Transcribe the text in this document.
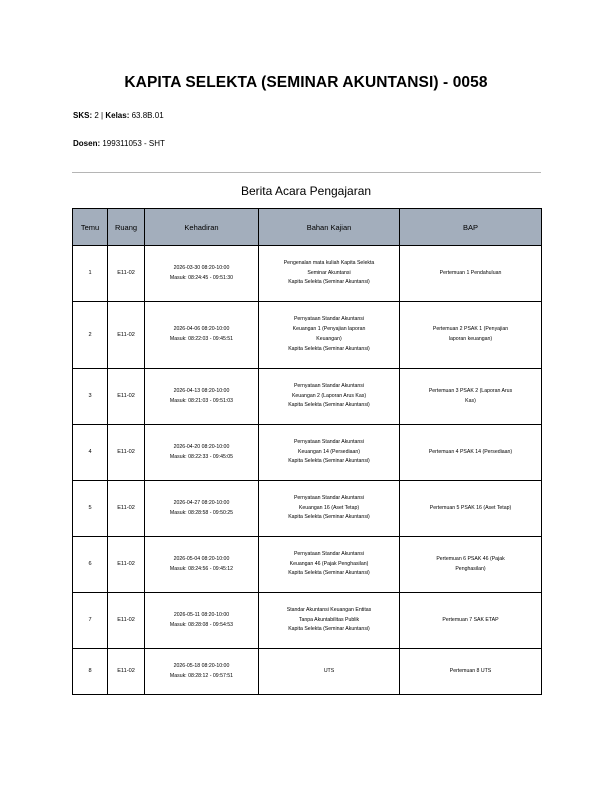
KAPITA SELEKTA (SEMINAR AKUNTANSI) - 0058
SKS: 2 | Kelas: 63.8B.01
Dosen: 199311053 - SHT
Berita Acara Pengajaran
Temu	Ruang	Kehadiran	Bahan Kajian	BAP
1	E11-02	2026-03-30 08:20-10:00
Masuk: 08:24:45 - 09:51:30	Pengenalan mata kuliah Kapita Selekta
Seminar Akuntansi
Kapita Selekta (Seminar Akuntansi)	Pertemuan 1 Pendahuluan

2	E11-02	2026-04-06 08:20-10:00
Masuk: 08:22:03 - 09:45:51	Pernyataan Standar Akuntansi
Keuangan 1 (Penyajian laporan
Keuangan)
Kapita Selekta (Seminar Akuntansi)	Pertemuan 2 PSAK 1 (Penyajian
laporan keuangan)

3	E11-02	2026-04-13 08:20-10:00
Masuk: 08:21:03 - 09:51:03	Pernyataan Standar Akuntansi
Keuangan 2 (Laporan Arus Kas)
Kapita Selekta (Seminar Akuntansi)	Pertemuan 3 PSAK 2 (Laporan Arus
Kas)

4	E11-02	2026-04-20 08:20-10:00
Masuk: 08:22:33 - 09:45:05	Pernyataan Standar Akuntansi
Keuangan 14 (Persediaan)
Kapita Selekta (Seminar Akuntansi)	Pertemuan 4 PSAK 14 (Persediaan)

5	E11-02	2026-04-27 08:20-10:00
Masuk: 08:28:58 - 09:50:25	Pernyataan Standar Akuntansi
Keuangan 16 (Aset Tetap)
Kapita Selekta (Seminar Akuntansi)	Pertemuan 5 PSAK 16 (Aset Tetap)

6	E11-02	2026-05-04 08:20-10:00
Masuk: 08:24:56 - 09:45:12	Pernyataan Standar Akuntansi
Keuangan 46 (Pajak Penghasilan)
Kapita Selekta (Seminar Akuntansi)	Pertemuan 6 PSAK 46 (Pajak
Penghasilan)

7	E11-02	2026-05-11 08:20-10:00
Masuk: 08:28:08 - 09:54:53	Standar Akuntansi Keuangan Entitas
Tanpa Akuntabilitas Publik
Kapita Selekta (Seminar Akuntansi)	Pertemuan 7 SAK ETAP

8	E11-02	2026-05-18 08:20-10:00
Masuk: 08:28:12 - 09:57:51	UTS	Pertemuan 8 UTS
